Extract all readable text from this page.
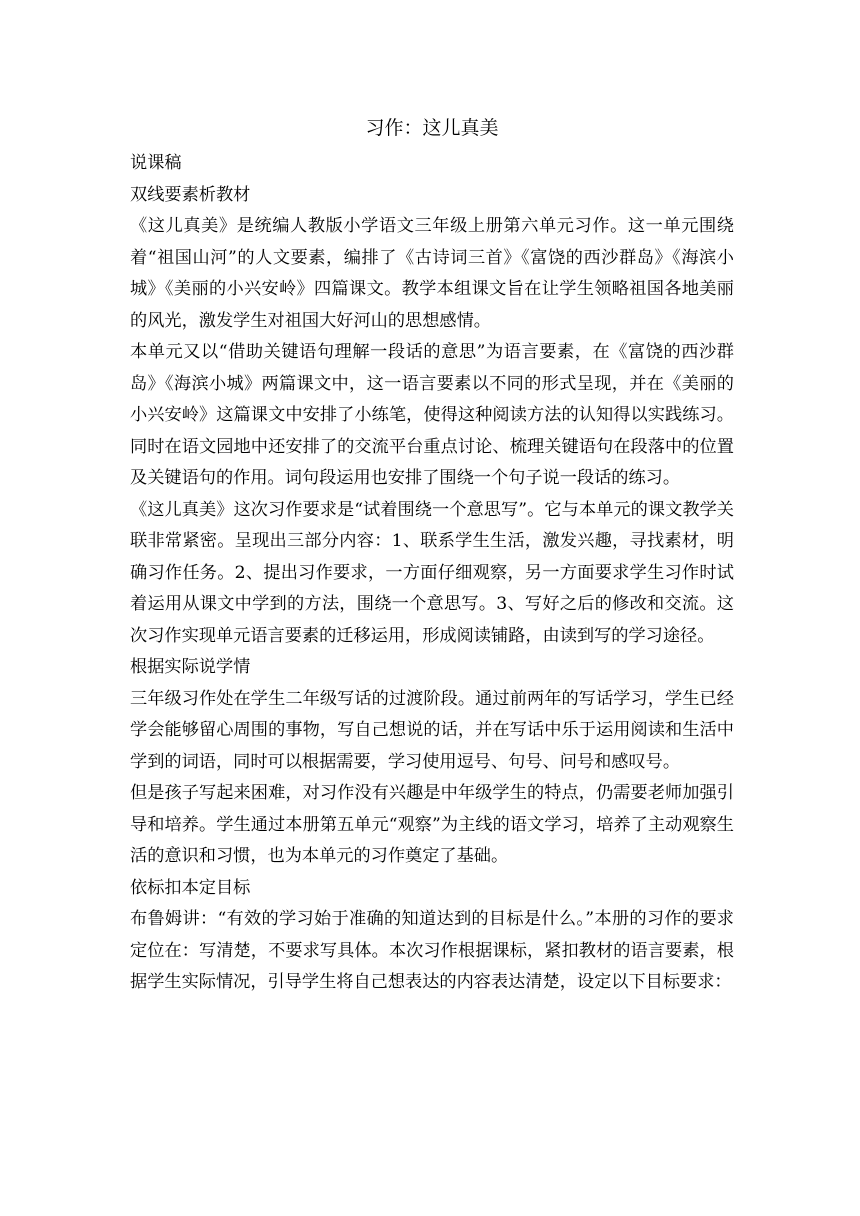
习作：这儿真美
说课稿
双线要素析教材
《这儿真美》是统编人教版小学语文三年级上册第六单元习作。这一单元围绕着“祖国山河”的人文要素，编排了《古诗词三首》《富饶的西沙群岛》《海滨小城》《美丽的小兴安岭》四篇课文。教学本组课文旨在让学生领略祖国各地美丽的风光，激发学生对祖国大好河山的思想感情。
本单元又以“借助关键语句理解一段话的意思”为语言要素，在《富饶的西沙群岛》《海滨小城》两篇课文中，这一语言要素以不同的形式呈现，并在《美丽的小兴安岭》这篇课文中安排了小练笔，使得这种阅读方法的认知得以实践练习。同时在语文园地中还安排了的交流平台重点讨论、梳理关键语句在段落中的位置及关键语句的作用。词句段运用也安排了围绕一个句子说一段话的练习。
《这儿真美》这次习作要求是“试着围绕一个意思写”。它与本单元的课文教学关联非常紧密。呈现出三部分内容：1、联系学生生活，激发兴趣，寻找素材，明确习作任务。2、提出习作要求，一方面仔细观察，另一方面要求学生习作时试着运用从课文中学到的方法，围绕一个意思写。3、写好之后的修改和交流。这次习作实现单元语言要素的迁移运用，形成阅读铺路，由读到写的学习途径。
根据实际说学情
三年级习作处在学生二年级写话的过渡阶段。通过前两年的写话学习，学生已经学会能够留心周围的事物，写自己想说的话，并在写话中乐于运用阅读和生活中学到的词语，同时可以根据需要，学习使用逗号、句号、问号和感叹号。
但是孩子写起来困难，对习作没有兴趣是中年级学生的特点，仍需要老师加强引导和培养。学生通过本册第五单元“观察”为主线的语文学习，培养了主动观察生活的意识和习惯，也为本单元的习作奠定了基础。
依标扣本定目标
布鲁姆讲：“有效的学习始于准确的知道达到的目标是什么。”本册的习作的要求定位在：写清楚，不要求写具体。本次习作根据课标，紧扣教材的语言要素，根据学生实际情况，引导学生将自己想表达的内容表达清楚，设定以下目标要求：
